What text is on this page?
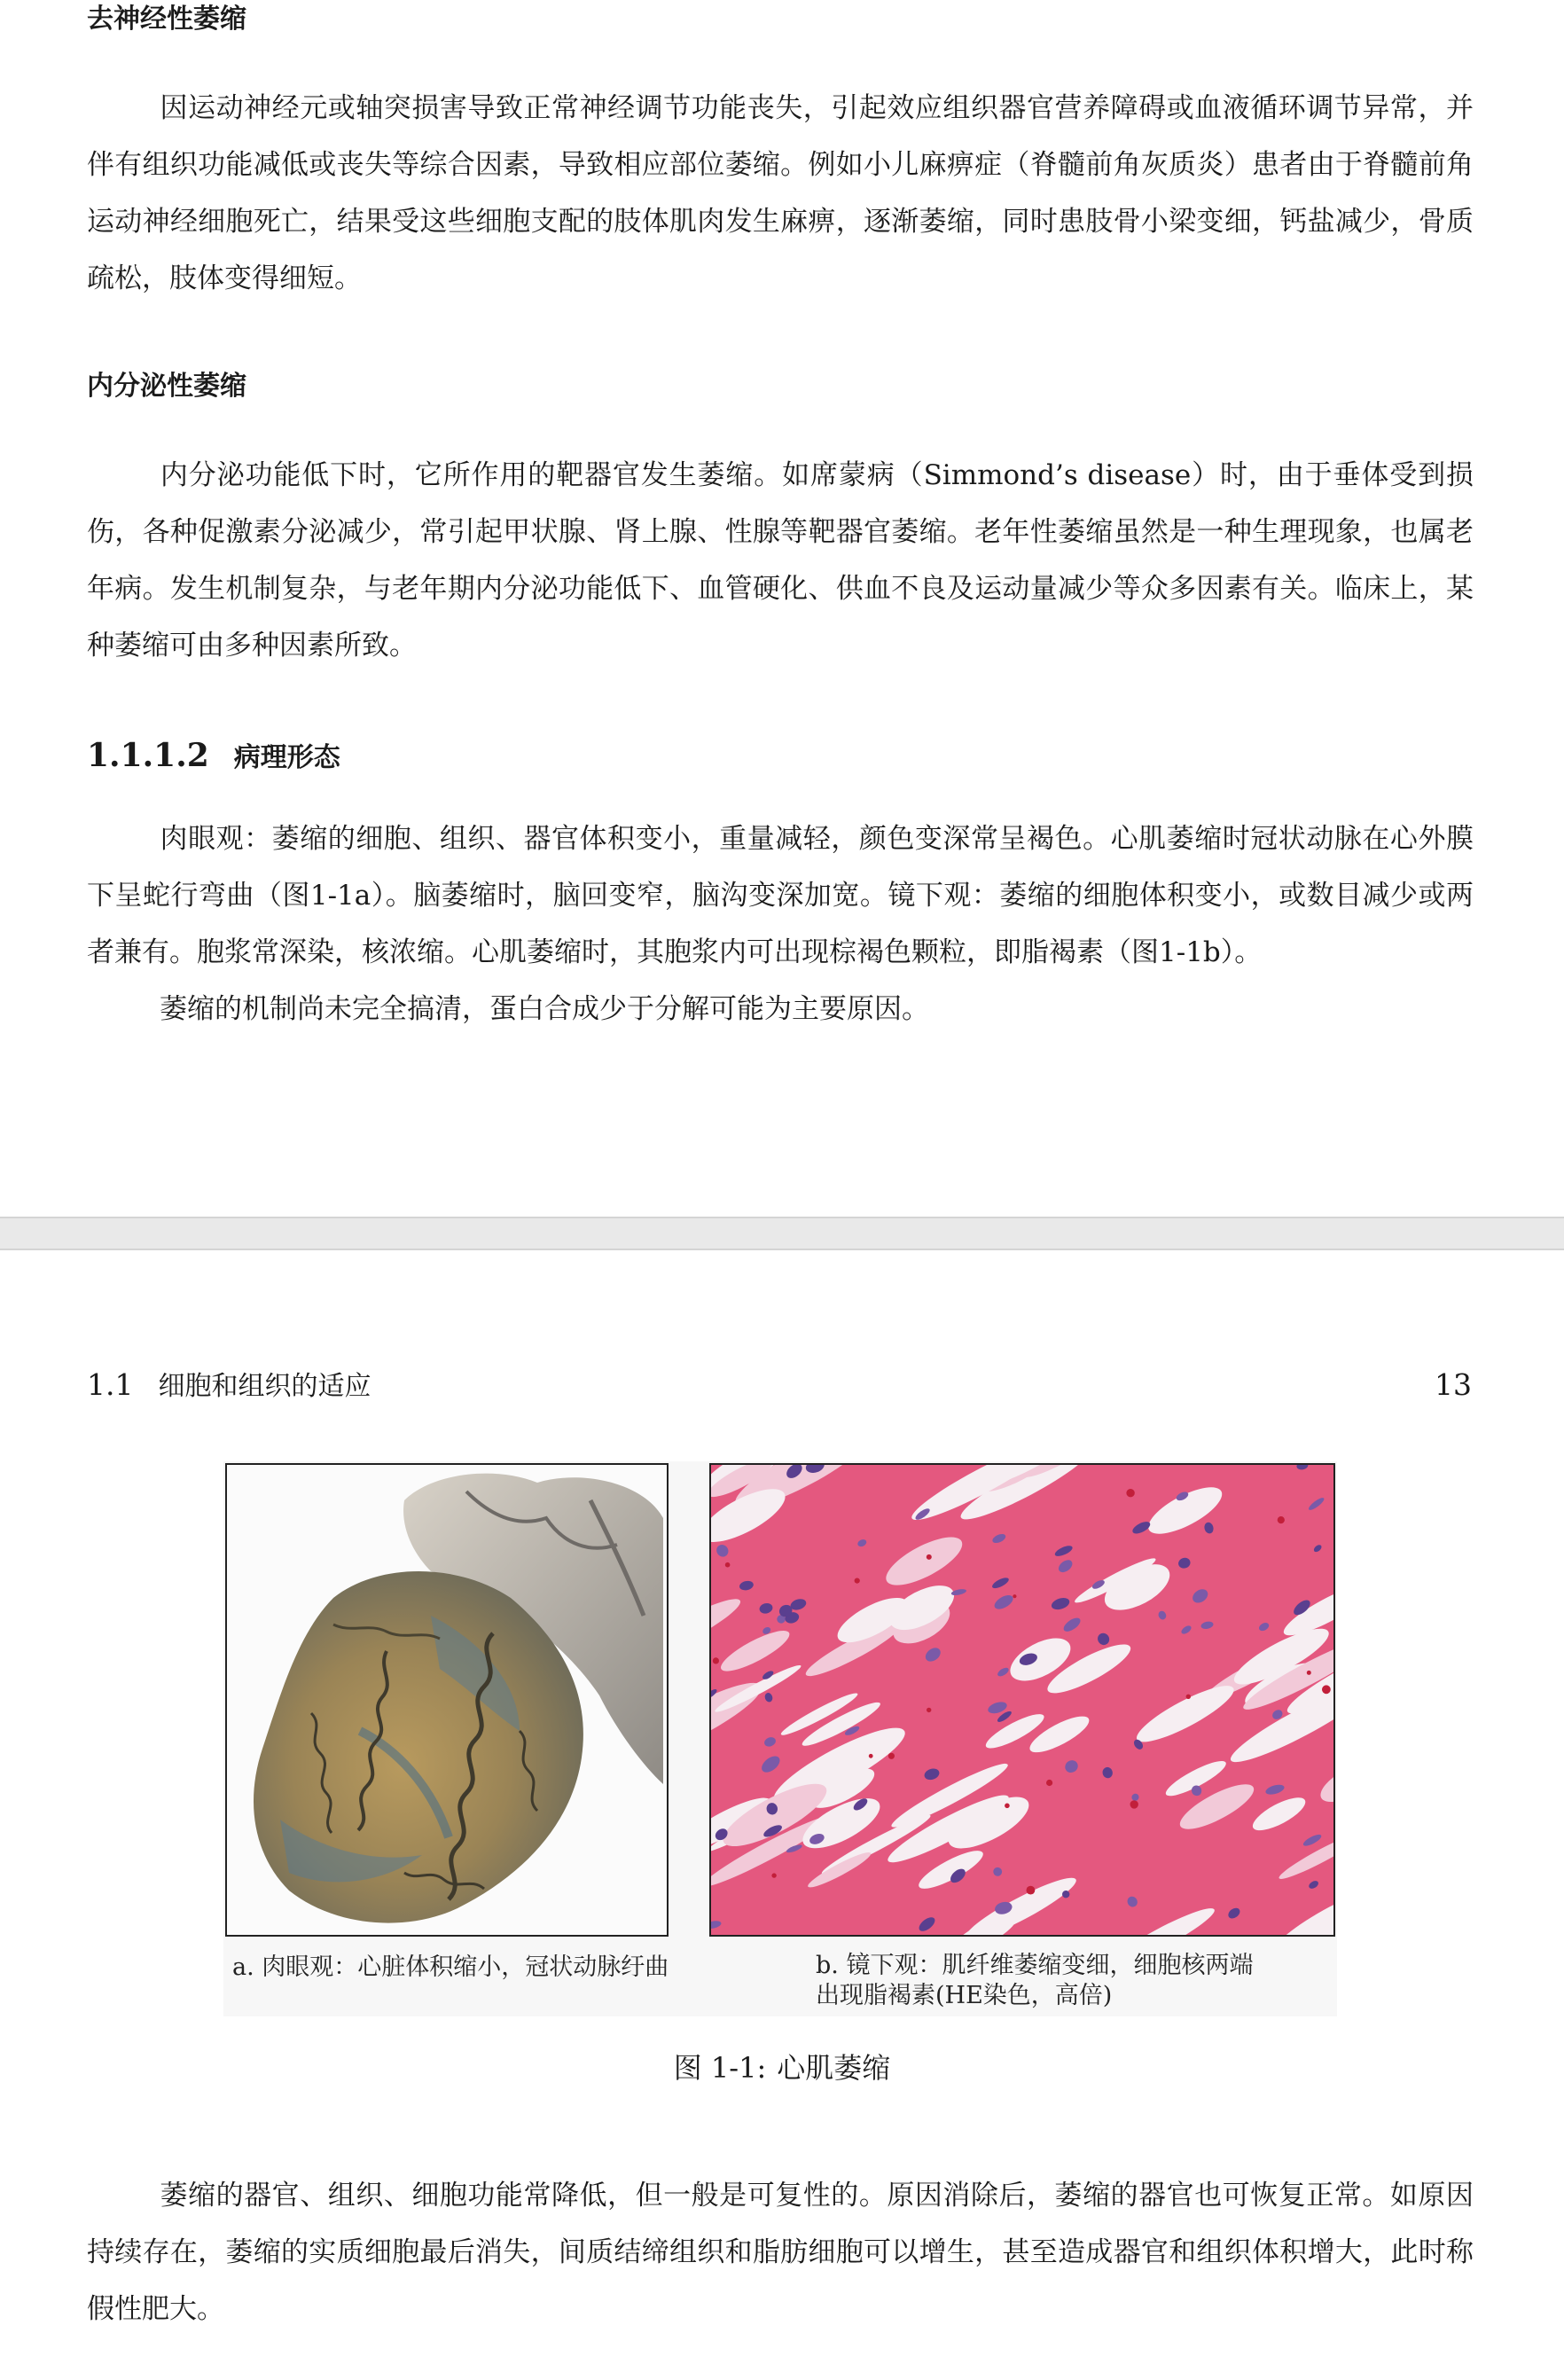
去神经性萎缩

因运动神经元或轴突损害导致正常神经调节功能丧失，引起效应组织器官营养障碍或血液循环调节异常，并伴有组织功能减低或丧失等综合因素，导致相应部位萎缩。例如小儿麻痹症（脊髓前角灰质炎）患者由于脊髓前角运动神经细胞死亡，结果受这些细胞支配的肢体肌肉发生麻痹，逐渐萎缩，同时患肢骨小梁变细，钙盐减少，骨质疏松，肢体变得细短。

内分泌性萎缩

内分泌功能低下时，它所作用的靶器官发生萎缩。如席蒙病（Simmond’s disease）时，由于垂体受到损伤，各种促激素分泌减少，常引起甲状腺、肾上腺、性腺等靶器官萎缩。老年性萎缩虽然是一种生理现象，也属老年病。发生机制复杂，与老年期内分泌功能低下、血管硬化、供血不良及运动量减少等众多因素有关。临床上，某种萎缩可由多种因素所致。

1.1.1.2 病理形态

肉眼观：萎缩的细胞、组织、器官体积变小，重量减轻，颜色变深常呈褐色。心肌萎缩时冠状动脉在心外膜下呈蛇行弯曲（图1-1a）。脑萎缩时，脑回变窄，脑沟变深加宽。镜下观：萎缩的细胞体积变小，或数目减少或两者兼有。胞浆常深染，核浓缩。心肌萎缩时，其胞浆内可出现棕褐色颗粒，即脂褐素（图1-1b）。

萎缩的机制尚未完全搞清，蛋白合成少于分解可能为主要原因。

1.1 细胞和组织的适应	13
a. 肉眼观：心脏体积缩小，冠状动脉纡曲	b. 镜下观：肌纤维萎缩变细，细胞核两端
出现脂褐素(HE染色，高倍)
图 1-1: 心肌萎缩

萎缩的器官、组织、细胞功能常降低，但一般是可复性的。原因消除后，萎缩的器官也可恢复正常。如原因持续存在，萎缩的实质细胞最后消失，间质结缔组织和脂肪细胞可以增生，甚至造成器官和组织体积增大，此时称假性肥大。
